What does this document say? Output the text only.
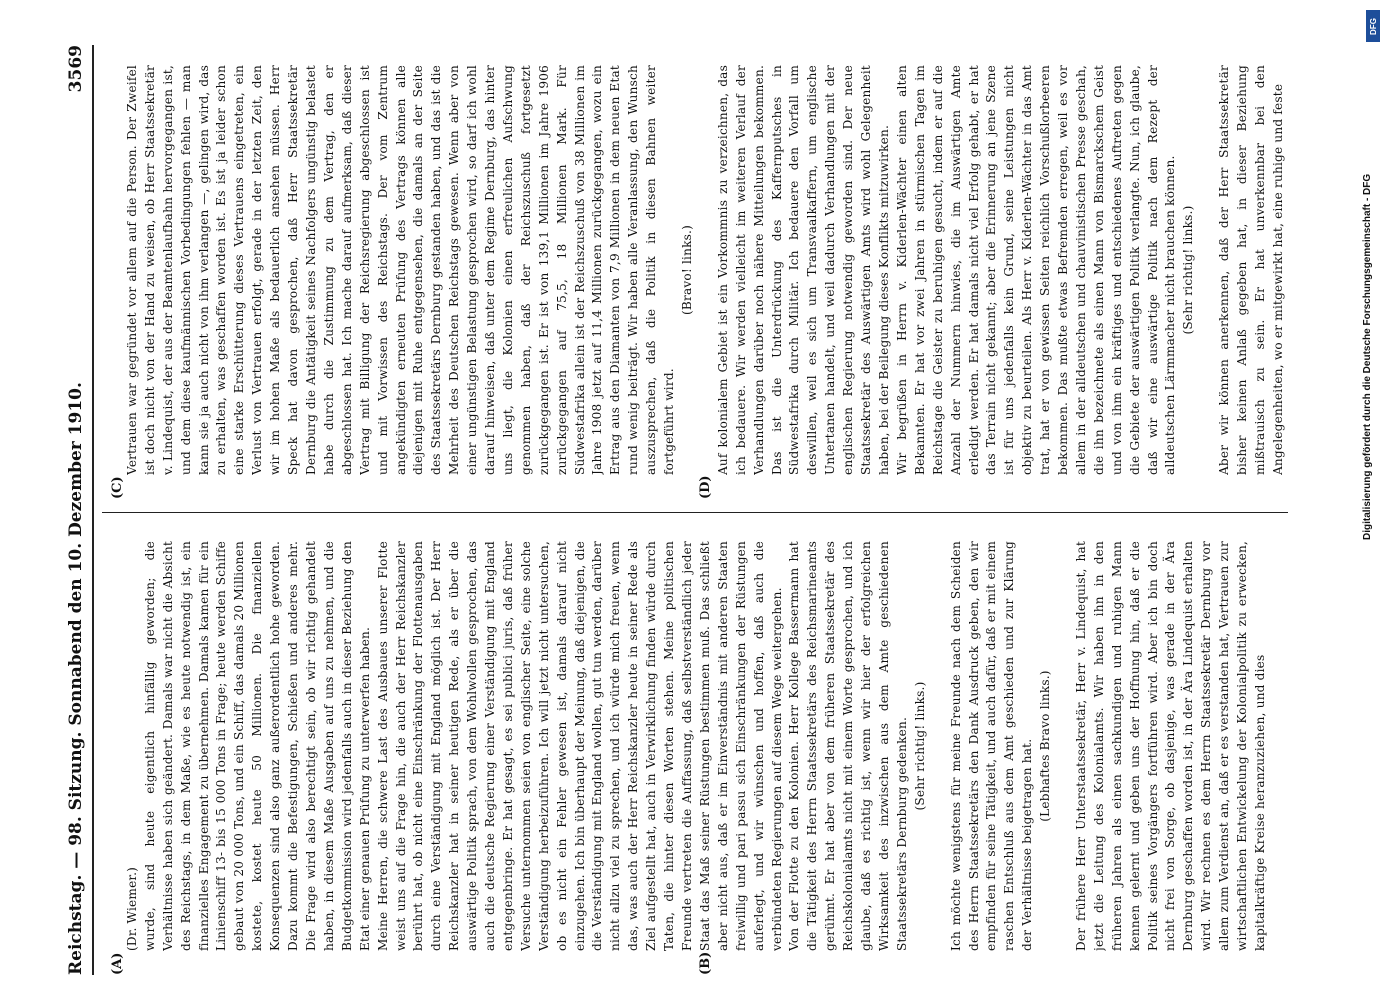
Reichstag. — 98. Sitzung. Sonnabend den 10. Dezember 1910.
3569
(A)	(B)
(C)	(D)

(Dr. Wiemer.) wurde, sind heute eigentlich hinfällig geworden; die Verhältnisse haben sich geändert. Damals war nicht die Absicht des Reichstags, in dem Maße, wie es heute notwendig ist, ein finanzielles Engagement zu übernehmen. Damals kamen für ein Linienschiff 13- bis 15 000 Tons in Frage; heute werden Schiffe gebaut von 20 000 Tons, und ein Schiff, das damals 20 Millionen kostete, kostet heute 50 Millionen. Die finanziellen Konsequenzen sind also ganz außerordentlich hohe geworden. Dazu kommt die Befestigungen, Schießen und anderes mehr. Die Frage wird also berechtigt sein, ob wir richtig gehandelt haben, in diesem Maße Ausgaben auf uns zu nehmen, und die Budgetkommission wird jedenfalls auch in dieser Beziehung den Etat einer genauen Prüfung zu unterwerfen haben.
Meine Herren, die schwere Last des Ausbaues unserer Flotte weist uns auf die Frage hin, die auch der Herr Reichskanzler berührt hat, ob nicht eine Einschränkung der Flottenausgaben durch eine Verständigung mit England möglich ist. Der Herr Reichskanzler hat in seiner heutigen Rede, als er über die auswärtige Politik sprach, von dem Wohlwollen gesprochen, das auch die deutsche Regierung einer Verständigung mit England entgegenbringe. Er hat gesagt, es sei publici juris, daß früher Versuche unternommen seien von englischer Seite, eine solche Verständigung herbeizuführen. Ich will jetzt nicht untersuchen, ob es nicht ein Fehler gewesen ist, damals darauf nicht einzugehen. Ich bin überhaupt der Meinung, daß diejenigen, die die Verständigung mit England wollen, gut tun werden, darüber nicht allzu viel zu sprechen, und ich würde mich freuen, wenn das, was auch der Herr Reichskanzler heute in seiner Rede als Ziel aufgestellt hat, auch in Verwirklichung finden würde durch Taten, die hinter diesen Worten stehen. Meine politischen Freunde vertreten die Auffassung, daß selbstverständlich jeder Staat das Maß seiner Rüstungen bestimmen muß. Das schließt aber nicht aus, daß er im Einverständnis mit anderen Staaten freiwillig und pari passu sich Einschränkungen der Rüstungen auferlegt, und wir wünschen und hoffen, daß auch die verbündeten Regierungen auf diesem Wege weitergehen.
Von der Flotte zu den Kolonien. Herr Kollege Bassermann hat die Tätigkeit des Herrn Staatssekretärs des Reichsmarineamts gerühmt. Er hat aber von dem früheren Staatssekretär des Reichskolonialamts nicht mit einem Worte gesprochen, und ich glaube, daß es richtig ist, wenn wir hier der erfolgreichen Wirksamkeit des inzwischen aus dem Amte geschiedenen Staatssekretärs Dernburg gedenken. (Sehr richtig! links.) Ich möchte wenigstens für meine Freunde nach dem Scheiden des Herrn Staatssekretärs den Dank Ausdruck geben, den wir empfinden für seine Tätigkeit, und auch dafür, daß er mit einem raschen Entschluß aus dem Amt geschieden und zur Klärung der Verhältnisse beigetragen hat. (Lebhaftes Bravo links.) Der frühere Herr Unterstaatssekretär, Herr v. Lindequist, hat jetzt die Leitung des Kolonialamts. Wir haben ihn in den früheren Jahren als einen sachkundigen und ruhigen Mann kennen gelernt und geben uns der Hoffnung hin, daß er die Politik seines Vorgängers fortführen wird. Aber ich bin doch nicht frei von Sorge, ob dasjenige, was gerade in der Ära Dernburg geschaffen worden ist, in der Ära Lindequist erhalten wird. Wir rechnen es dem Herrn Staatssekretär Dernburg vor allem zum Verdienst an, daß er es verstanden hat, Vertrauen zur wirtschaftlichen Entwickelung der Kolonialpolitik zu erwecken, kapitalkräftige Kreise heranzuziehen, und dies

Vertrauen war gegründet vor allem auf die Person. Der Zweifel ist doch nicht von der Hand zu weisen, ob Herr Staatssekretär v. Lindequist, der aus der Beamtenlaufbahn hervorgegangen ist, und dem diese kaufmännischen Vorbedingungen fehlen — man kann sie ja auch nicht von ihm verlangen —, gelingen wird, das zu erhalten, was geschaffen worden ist. Es ist ja leider schon eine starke Erschütterung dieses Vertrauens eingetreten, ein Verlust von Vertrauen erfolgt, gerade in der letzten Zeit, den wir im hohen Maße als bedauerlich ansehen müssen. Herr Speck hat davon gesprochen, daß Herr Staatssekretär Dernburg die Antätigkeit seines Nachfolgers ungünstig belastet habe durch die Zustimmung zu dem Vertrag, den er abgeschlossen hat. Ich mache darauf aufmerksam, daß dieser Vertrag mit Billigung der Reichsregierung abgeschlossen ist und mit Vorwissen des Reichstags. Der vom Zentrum angekündigten erneuten Prüfung des Vertrags können alle diejenigen mit Ruhe entgegensehen, die damals an der Seite des Staatssekretärs Dernburg gestanden haben, und das ist die Mehrheit des Deutschen Reichstags gewesen. Wenn aber von einer ungünstigen Belastung gesprochen wird, so darf ich wohl darauf hinweisen, daß unter dem Regime Dernburg, das hinter uns liegt, die Kolonien einen erfreulichen Aufschwung genommen haben, daß der Reichszuschuß fortgesetzt zurückgegangen ist. Er ist von 139,1 Millionen im Jahre 1906 zurückgegangen auf 75,5, 18 Millionen Mark. Für Südwestafrika allein ist der Reichszuschuß von 38 Millionen im Jahre 1908 jetzt auf 11,4 Millionen zurückgegangen, wozu ein Ertrag aus den Diamanten von 7,9 Millionen in dem neuen Etat rund wenig beiträgt. Wir haben alle Veranlassung, den Wunsch auszusprechen, daß die Politik in diesen Bahnen weiter fortgeführt wird.

(Bravo! links.)

Auf kolonialem Gebiet ist ein Vorkommnis zu verzeichnen, das ich bedauere. Wir werden vielleicht im weiteren Verlauf der Verhandlungen darüber noch nähere Mitteilungen bekommen. Das ist die Unterdrückung des Kaffernputsches in Südwestafrika durch Militär. Ich bedauere den Vorfall um deswillen, weil es sich um Transvaalkaffern, um englische Untertanen handelt, und weil dadurch Verhandlungen mit der englischen Regierung notwendig geworden sind. Der neue Staatssekretär des Auswärtigen Amts wird wohl Gelegenheit haben, bei der Beilegung dieses Konflikts mitzuwirken.
Wir begrüßen in Herrn v. Kiderlen-Wächter einen alten Bekannten. Er hat vor zwei Jahren in stürmischen Tagen im Reichstage die Geister zu beruhigen gesucht, indem er auf die Anzahl der Nummern hinwies, die im Auswärtigen Amte erledigt werden. Er hat damals nicht viel Erfolg gehabt, er hat das Terrain nicht gekannt; aber die Erinnerung an jene Szene ist für uns jedenfalls kein Grund, seine Leistungen nicht objektiv zu beurteilen. Als Herr v. Kiderlen-Wächter in das Amt trat, hat er von gewissen Seiten reichlich Vorschußlorbeeren bekommen. Das mußte etwas Befremden erregen, weil es vor allem in der alldeutschen und chauvinistischen Presse geschah, die ihn bezeichnete als einen Mann von Bismarckschem Geist und von ihm ein kräftiges und entschiedenes Auftreten gegen die Gebiete der auswärtigen Politik verlangte. Nun, ich glaube, daß wir eine auswärtige Politik nach dem Rezept der alldeutschen Lärmmacher nicht brauchen können.

(Sehr richtig! links.) Aber wir können anerkennen, daß der Herr Staatssekretär bisher keinen Anlaß gegeben hat, in dieser Beziehung mißtrauisch zu sein. Er hat unverkennbar bei den Angelegenheiten, wo er mitgewirkt hat, eine ruhige und feste

DFG
Digitalisierung gefördert durch die Deutsche Forschungsgemeinschaft - DFG
